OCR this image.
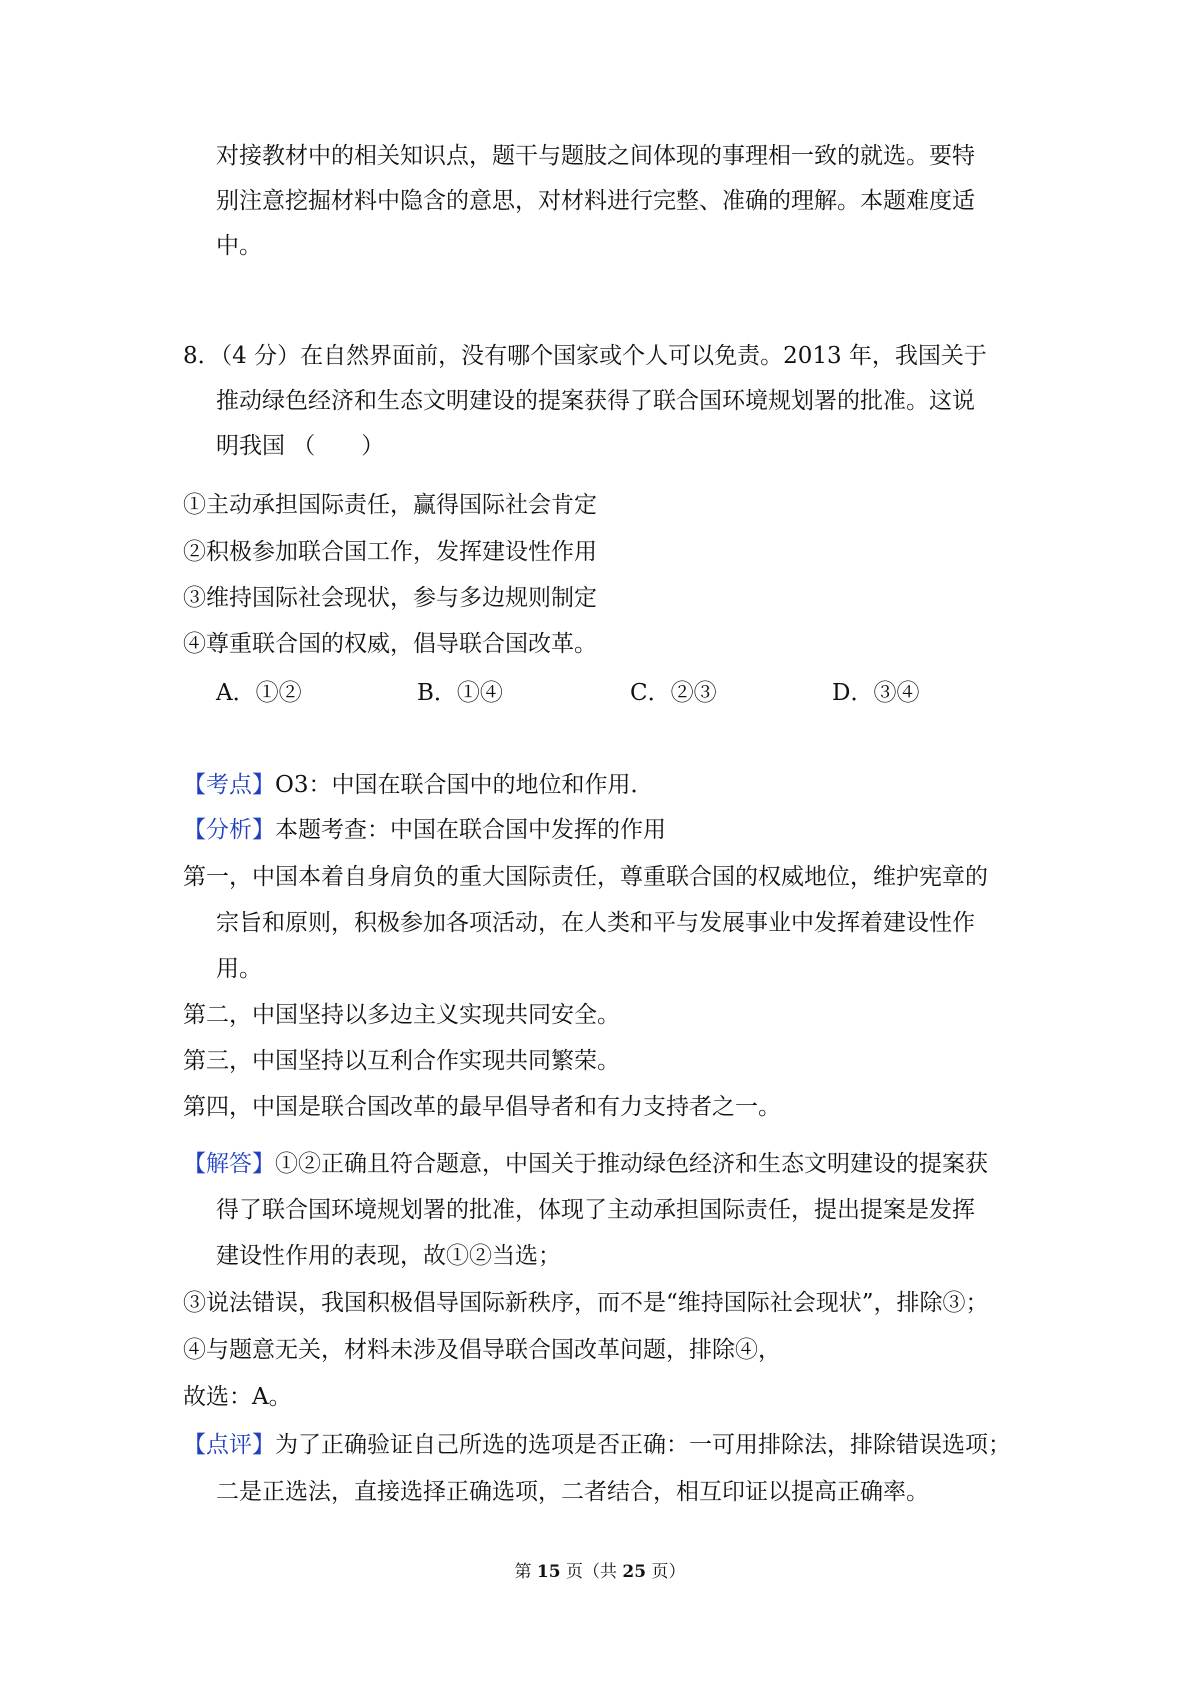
对接教材中的相关知识点，题干与题肢之间体现的事理相一致的就选。要特
别注意挖掘材料中隐含的意思，对材料进行完整、准确的理解。本题难度适
中。
8．（4 分）在自然界面前，没有哪个国家或个人可以免责。2013 年，我国关于
推动绿色经济和生态文明建设的提案获得了联合国环境规划署的批准。这说
明我国 （　　）
①主动承担国际责任，赢得国际社会肯定
②积极参加联合国工作，发挥建设性作用
③维持国际社会现状，参与多边规则制定
④尊重联合国的权威，倡导联合国改革。
A．①②	B．①④	C．②③	D．③④
【考点】O3：中国在联合国中的地位和作用．
【分析】本题考查：中国在联合国中发挥的作用
第一，中国本着自身肩负的重大国际责任，尊重联合国的权威地位，维护宪章的
宗旨和原则，积极参加各项活动，在人类和平与发展事业中发挥着建设性作
用。
第二，中国坚持以多边主义实现共同安全。
第三，中国坚持以互利合作实现共同繁荣。
第四，中国是联合国改革的最早倡导者和有力支持者之一。
【解答】①②正确且符合题意，中国关于推动绿色经济和生态文明建设的提案获
得了联合国环境规划署的批准，体现了主动承担国际责任，提出提案是发挥
建设性作用的表现，故①②当选；
③说法错误，我国积极倡导国际新秩序，而不是“维持国际社会现状”，排除③；
④与题意无关，材料未涉及倡导联合国改革问题，排除④，
故选：A。
【点评】为了正确验证自己所选的选项是否正确：一可用排除法，排除错误选项；
二是正选法，直接选择正确选项，二者结合，相互印证以提高正确率。
第 15 页（共 25 页）
